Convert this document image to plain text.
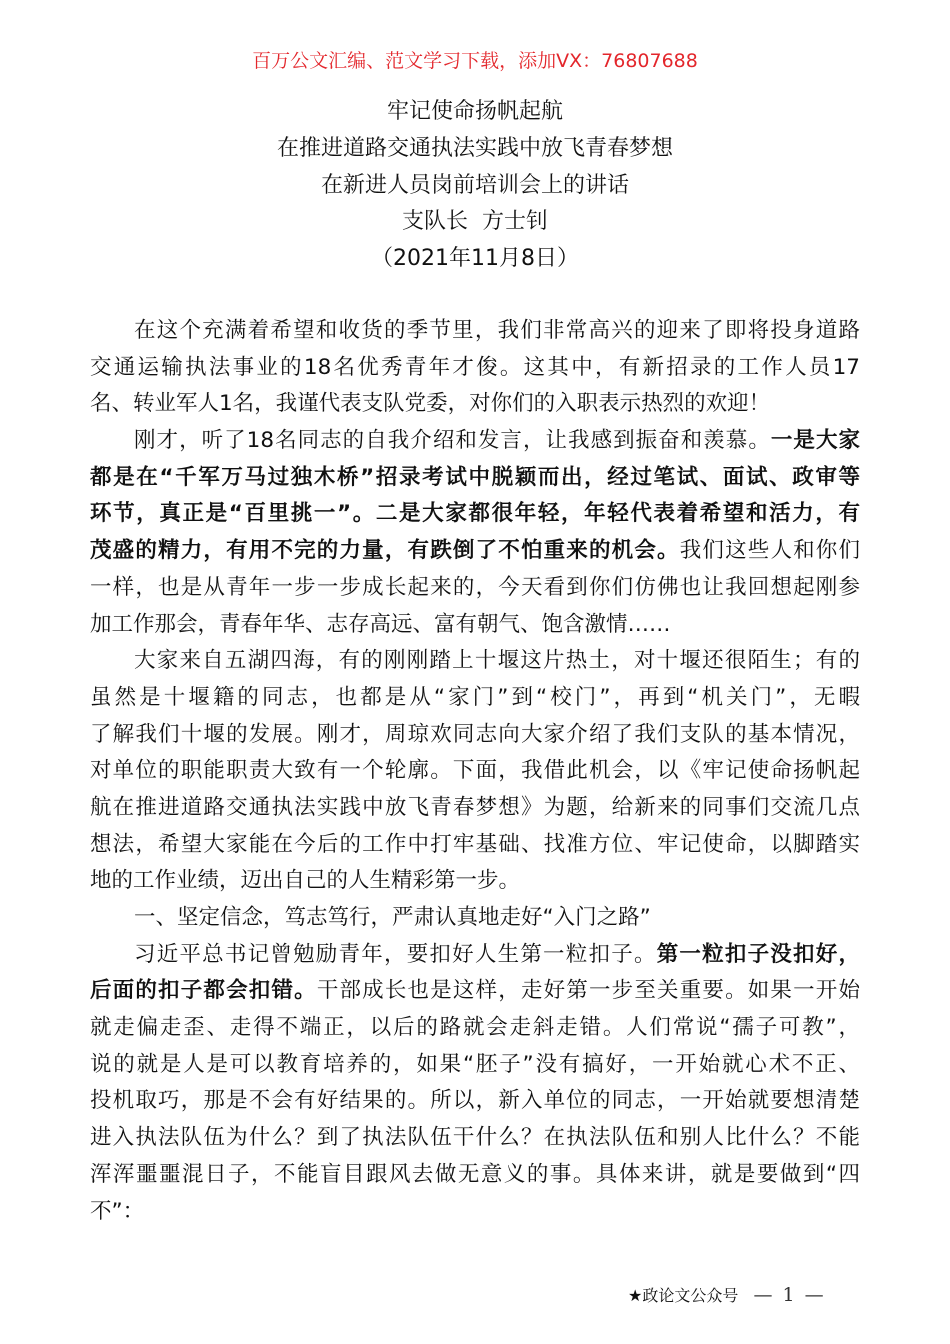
百万公文汇编、范文学习下载，添加VX：76807688
牢记使命扬帆起航
在推进道路交通执法实践中放飞青春梦想
在新进人员岗前培训会上的讲话
支队长  方士钊
（2021年11月8日）
在这个充满着希望和收货的季节里，我们非常高兴的迎来了即将投身道路
交通运输执法事业的18名优秀青年才俊。这其中，有新招录的工作人员17
名、转业军人1名，我谨代表支队党委，对你们的入职表示热烈的欢迎！
刚才，听了18名同志的自我介绍和发言，让我感到振奋和羡慕。一是大家
都是在“千军万马过独木桥”招录考试中脱颖而出，经过笔试、面试、政审等
环节，真正是“百里挑一”。二是大家都很年轻，年轻代表着希望和活力，有
茂盛的精力，有用不完的力量，有跌倒了不怕重来的机会。我们这些人和你们
一样，也是从青年一步一步成长起来的，今天看到你们仿佛也让我回想起刚参
加工作那会，青春年华、志存高远、富有朝气、饱含激情……
大家来自五湖四海，有的刚刚踏上十堰这片热土，对十堰还很陌生；有的
虽然是十堰籍的同志，也都是从“家门”到“校门”，再到“机关门”，无暇
了解我们十堰的发展。刚才，周琼欢同志向大家介绍了我们支队的基本情况，
对单位的职能职责大致有一个轮廓。下面，我借此机会，以《牢记使命扬帆起
航在推进道路交通执法实践中放飞青春梦想》为题，给新来的同事们交流几点
想法，希望大家能在今后的工作中打牢基础、找准方位、牢记使命，以脚踏实
地的工作业绩，迈出自己的人生精彩第一步。
一、坚定信念，笃志笃行，严肃认真地走好“入门之路”
习近平总书记曾勉励青年，要扣好人生第一粒扣子。第一粒扣子没扣好，
后面的扣子都会扣错。干部成长也是这样，走好第一步至关重要。如果一开始
就走偏走歪、走得不端正，以后的路就会走斜走错。人们常说“孺子可教”，
说的就是人是可以教育培养的，如果“胚子”没有搞好，一开始就心术不正、
投机取巧，那是不会有好结果的。所以，新入单位的同志，一开始就要想清楚
进入执法队伍为什么？到了执法队伍干什么？在执法队伍和别人比什么？不能
浑浑噩噩混日子，不能盲目跟风去做无意义的事。具体来讲，就是要做到“四
不”：
★政论文公众号 — 1 —
